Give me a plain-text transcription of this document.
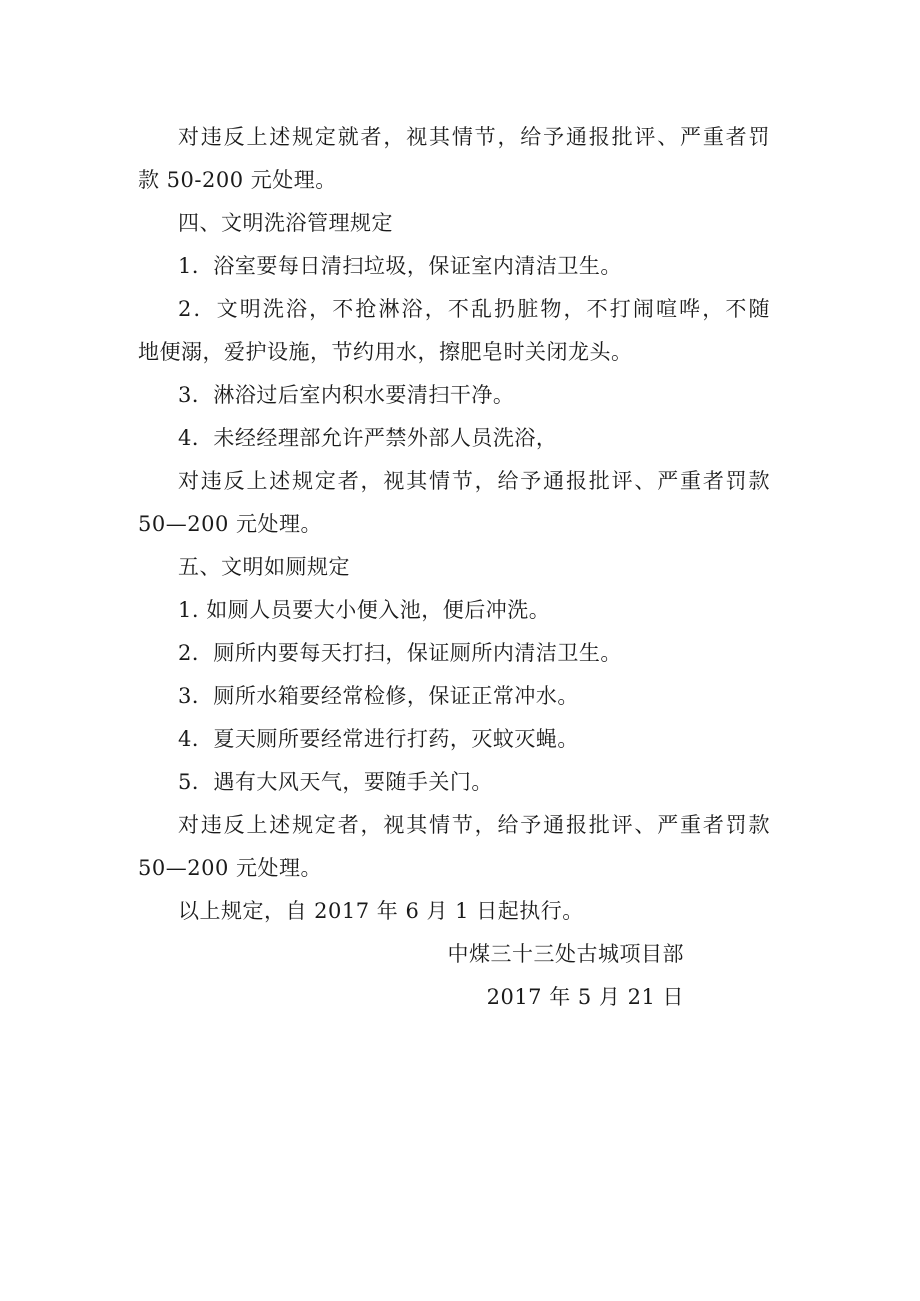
对违反上述规定就者，视其情节，给予通报批评、严重者罚
款 50-200 元处理。
四、文明洗浴管理规定
1．浴室要每日清扫垃圾，保证室内清洁卫生。
2．文明洗浴，不抢淋浴，不乱扔脏物，不打闹喧哗，不随
地便溺，爱护设施，节约用水，擦肥皂时关闭龙头。
3．淋浴过后室内积水要清扫干净。
4．未经经理部允许严禁外部人员洗浴，
对违反上述规定者，视其情节，给予通报批评、严重者罚款
50—200 元处理。
五、文明如厕规定
1. 如厕人员要大小便入池，便后冲洗。
2．厕所内要每天打扫，保证厕所内清洁卫生。
3．厕所水箱要经常检修，保证正常冲水。
4．夏天厕所要经常进行打药，灭蚊灭蝇。
5．遇有大风天气，要随手关门。
对违反上述规定者，视其情节，给予通报批评、严重者罚款
50—200 元处理。
以上规定，自 2017 年 6 月 1 日起执行。
中煤三十三处古城项目部
2017 年 5 月 21 日
